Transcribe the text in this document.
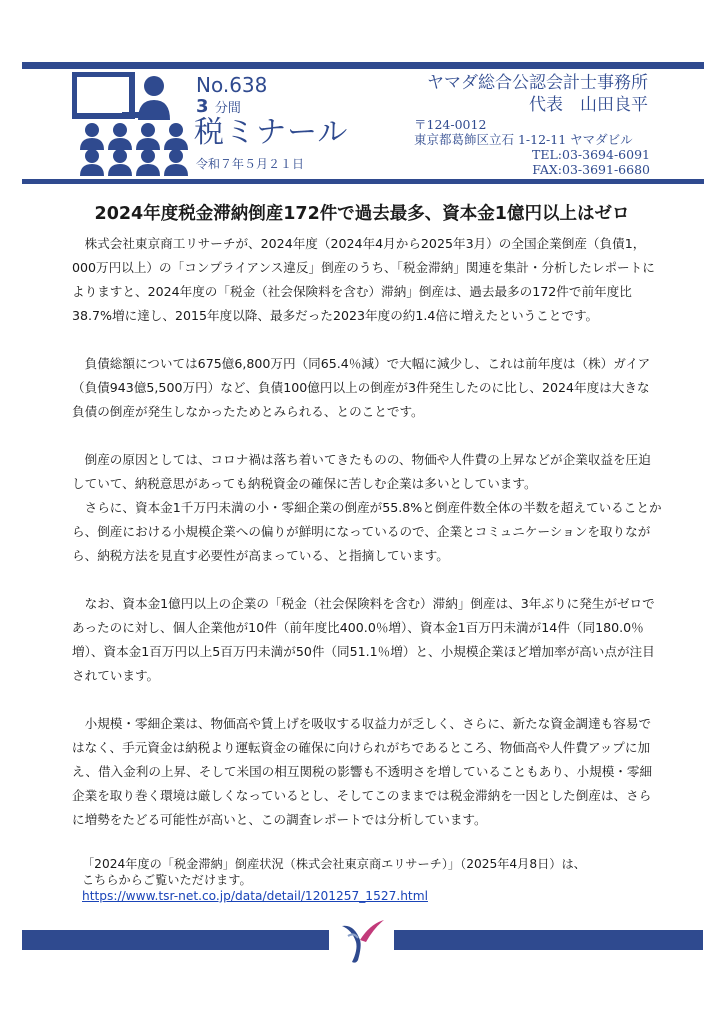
No.638
3 分間
税ミナール
令和７年５月２１日
ヤマダ総合公認会計士事務所
代表　山田良平
〒124-0012
東京都葛飾区立石 1-12-11 ヤマダビル
TEL:03-3694-6091
FAX:03-3691-6680
2024年度税金滞納倒産172件で過去最多、資本金1億円以上はゼロ

株式会社東京商工リサーチが、2024年度（2024年4月から2025年3月）の全国企業倒産（負債1，000万円以上）の「コンプライアンス違反」倒産のうち、「税金滞納」関連を集計・分析したレポートによりますと、2024年度の「税金（社会保険料を含む）滞納」倒産は、過去最多の172件で前年度比38.7%増に達し、2015年度以降、最多だった2023年度の約1.4倍に増えたということです。

負債総額については675億6,800万円（同65.4％減）で大幅に減少し、これは前年度は（株）ガイア（負債943億5,500万円）など、負債100億円以上の倒産が3件発生したのに比し、2024年度は大きな負債の倒産が発生しなかったためとみられる、とのことです。

倒産の原因としては、コロナ禍は落ち着いてきたものの、物価や人件費の上昇などが企業収益を圧迫していて、納税意思があっても納税資金の確保に苦しむ企業は多いとしています。

さらに、資本金1千万円未満の小・零細企業の倒産が55.8%と倒産件数全体の半数を超えていることから、倒産における小規模企業への偏りが鮮明になっているので、企業とコミュニケーションを取りながら、納税方法を見直す必要性が高まっている、と指摘しています。

なお、資本金1億円以上の企業の「税金（社会保険料を含む）滞納」倒産は、3年ぶりに発生がゼロであったのに対し、個人企業他が10件（前年度比400.0％増）、資本金1百万円未満が14件（同180.0％増）、資本金1百万円以上5百万円未満が50件（同51.1％増）と、小規模企業ほど増加率が高い点が注目されています。

小規模・零細企業は、物価高や賃上げを吸収する収益力が乏しく、さらに、新たな資金調達も容易ではなく、手元資金は納税より運転資金の確保に向けられがちであるところ、物価高や人件費アップに加え、借入金利の上昇、そして米国の相互関税の影響も不透明さを増していることもあり、小規模・零細企業を取り巻く環境は厳しくなっているとし、そしてこのままでは税金滞納を一因とした倒産は、さらに増勢をたどる可能性が高いと、この調査レポートでは分析しています。

「2024年度の「税金滞納」倒産状況（株式会社東京商エリサーチ）」（2025年4月8日）は、
こちらからご覧いただけます。
https://www.tsr-net.co.jp/data/detail/1201257_1527.html
